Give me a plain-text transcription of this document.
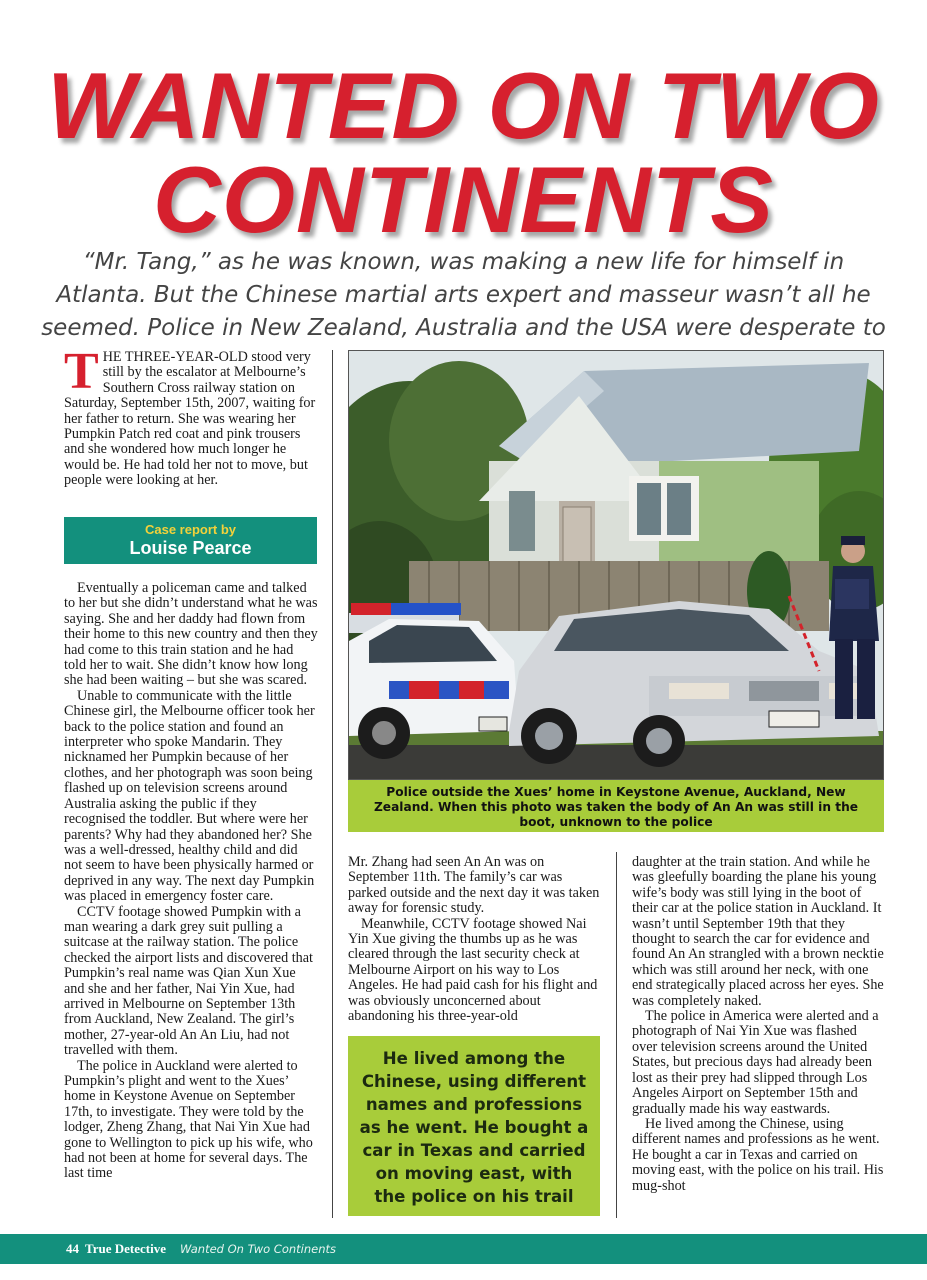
WANTED ON TWO
CONTINENTS
“Mr. Tang,” as he was known, was making a new life for himself in Atlanta. But the Chinese martial arts expert and masseur wasn’t all he seemed. Police in New Zealand, Australia and the USA were desperate to

THE THREE-YEAR-OLD stood very still by the escalator at Melbourne’s Southern Cross railway station on Saturday, September 15th, 2007, waiting for her father to return. She was wearing her Pumpkin Patch red coat and pink trousers and she wondered how much longer he would be. He had told her not to move, but people were looking at her.

Case report by
Louise Pearce

Eventually a policeman came and talked to her but she didn’t understand what he was saying. She and her daddy had flown from their home to this new country and then they had come to this train station and he had told her to wait. She didn’t know how long she had been waiting – but she was scared.

Unable to communicate with the little Chinese girl, the Melbourne officer took her back to the police station and found an interpreter who spoke Mandarin. They nicknamed her Pumpkin because of her clothes, and her photograph was soon being flashed up on television screens around Australia asking the public if they recognised the toddler. But where were her parents? Why had they abandoned her? She was a well-dressed, healthy child and did not seem to have been physically harmed or deprived in any way. The next day Pumpkin was placed in emergency foster care.

CCTV footage showed Pumpkin with a man wearing a dark grey suit pulling a suitcase at the railway station. The police checked the airport lists and discovered that Pumpkin’s real name was Qian Xun Xue and she and her father, Nai Yin Xue, had arrived in Melbourne on September 13th from Auckland, New Zealand. The girl’s mother, 27-year-old An An Liu, had not travelled with them.

The police in Auckland were alerted to Pumpkin’s plight and went to the Xues’ home in Keystone Avenue on September 17th, to investigate. They were told by the lodger, Zheng Zhang, that Nai Yin Xue had gone to Wellington to pick up his wife, who had not been at home for several days. The last time

Police outside the Xues’ home in Keystone Avenue, Auckland, New Zealand. When this photo was taken the body of An An was still in the boot, unknown to the police

Mr. Zhang had seen An An was on September 11th. The family’s car was parked outside and the next day it was taken away for forensic study.

Meanwhile, CCTV footage showed Nai Yin Xue giving the thumbs up as he was cleared through the last security check at Melbourne Airport on his way to Los Angeles. He had paid cash for his flight and was obviously unconcerned about abandoning his three-year-old

He lived among the Chinese, using different names and professions as he went. He bought a car in Texas and carried on moving east, with the police on his trail

daughter at the train station. And while he was gleefully boarding the plane his young wife’s body was still lying in the boot of their car at the police station in Auckland. It wasn’t until September 19th that they thought to search the car for evidence and found An An strangled with a brown necktie which was still around her neck, with one end strategically placed across her eyes. She was completely naked.

The police in America were alerted and a photograph of Nai Yin Xue was flashed over television screens around the United States, but precious days had already been lost as their prey had slipped through Los Angeles Airport on September 15th and gradually made his way eastwards.

He lived among the Chinese, using different names and professions as he went. He bought a car in Texas and carried on moving east, with the police on his trail. His mug-shot

44 True Detective Wanted On Two Continents
